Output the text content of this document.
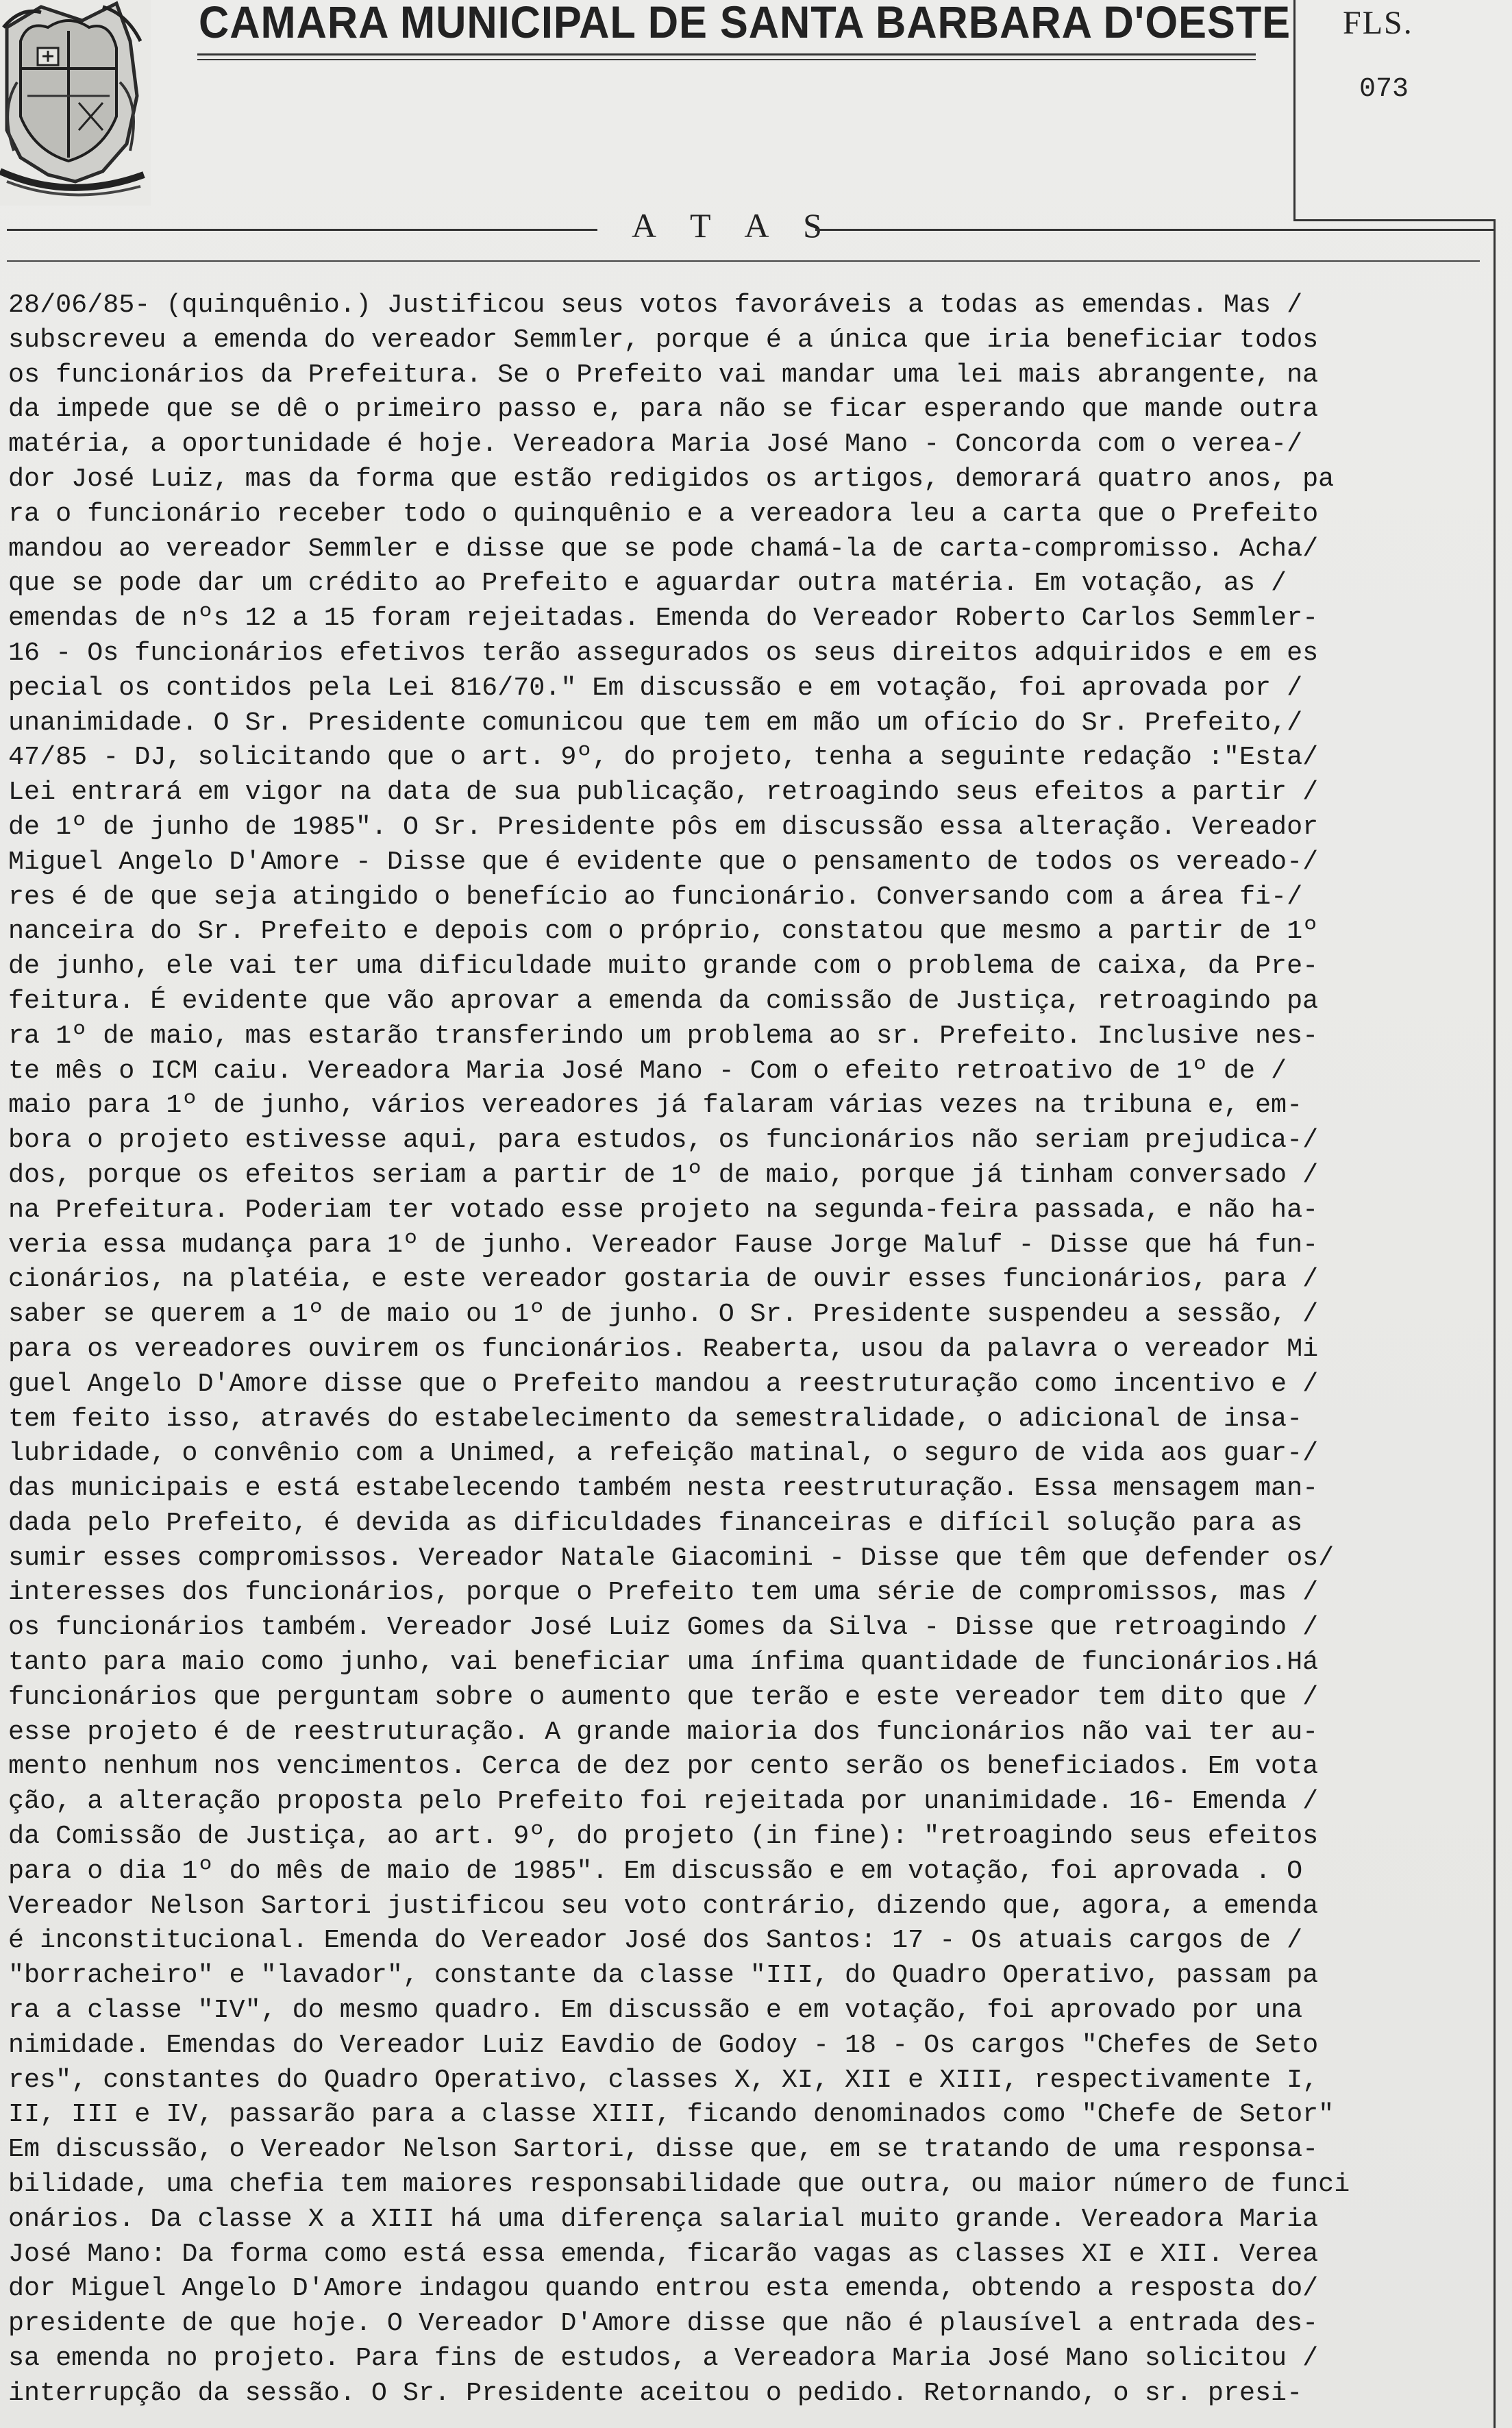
CAMARA MUNICIPAL DE SANTA BARBARA D'OESTE FLS.
073
A T A S
28/06/85- (quinquênio.) Justificou seus votos favoráveis a todas as emendas. Mas /
subscreveu a emenda do vereador Semmler, porque é a única que iria beneficiar todos
os funcionários da Prefeitura. Se o Prefeito vai mandar uma lei mais abrangente, na
da impede que se dê o primeiro passo e, para não se ficar esperando que mande outra
matéria, a oportunidade é hoje. Vereadora Maria José Mano - Concorda com o verea-/
dor José Luiz, mas da forma que estão redigidos os artigos, demorará quatro anos, pa
ra o funcionário receber todo o quinquênio e a vereadora leu a carta que o Prefeito
mandou ao vereador Semmler e disse que se pode chamá-la de carta-compromisso. Acha/
que se pode dar um crédito ao Prefeito e aguardar outra matéria. Em votação, as /
emendas de nºs 12 a 15 foram rejeitadas. Emenda do Vereador Roberto Carlos Semmler-
16 - Os funcionários efetivos terão assegurados os seus direitos adquiridos e em es
pecial os contidos pela Lei 816/70." Em discussão e em votação, foi aprovada por /
unanimidade. O Sr. Presidente comunicou que tem em mão um ofício do Sr. Prefeito,/
47/85 - DJ, solicitando que o art. 9º, do projeto, tenha a seguinte redação :"Esta/
Lei entrará em vigor na data de sua publicação, retroagindo seus efeitos a partir /
de 1º de junho de 1985". O Sr. Presidente pôs em discussão essa alteração. Vereador
Miguel Angelo D'Amore - Disse que é evidente que o pensamento de todos os vereado-/
res é de que seja atingido o benefício ao funcionário. Conversando com a área fi-/
nanceira do Sr. Prefeito e depois com o próprio, constatou que mesmo a partir de 1º
de junho, ele vai ter uma dificuldade muito grande com o problema de caixa, da Pre-
feitura. É evidente que vão aprovar a emenda da comissão de Justiça, retroagindo pa
ra 1º de maio, mas estarão transferindo um problema ao sr. Prefeito. Inclusive nes-
te mês o ICM caiu. Vereadora Maria José Mano - Com o efeito retroativo de 1º de /
maio para 1º de junho, vários vereadores já falaram várias vezes na tribuna e, em-
bora o projeto estivesse aqui, para estudos, os funcionários não seriam prejudica-/
dos, porque os efeitos seriam a partir de 1º de maio, porque já tinham conversado /
na Prefeitura. Poderiam ter votado esse projeto na segunda-feira passada, e não ha-
veria essa mudança para 1º de junho. Vereador Fause Jorge Maluf - Disse que há fun-
cionários, na platéia, e este vereador gostaria de ouvir esses funcionários, para /
saber se querem a 1º de maio ou 1º de junho. O Sr. Presidente suspendeu a sessão, /
para os vereadores ouvirem os funcionários. Reaberta, usou da palavra o vereador Mi
guel Angelo D'Amore disse que o Prefeito mandou a reestruturação como incentivo e /
tem feito isso, através do estabelecimento da semestralidade, o adicional de insa-
lubridade, o convênio com a Unimed, a refeição matinal, o seguro de vida aos guar-/
das municipais e está estabelecendo também nesta reestruturação. Essa mensagem man-
dada pelo Prefeito, é devida as dificuldades financeiras e difícil solução para as
sumir esses compromissos. Vereador Natale Giacomini - Disse que têm que defender os/
interesses dos funcionários, porque o Prefeito tem uma série de compromissos, mas /
os funcionários também. Vereador José Luiz Gomes da Silva - Disse que retroagindo /
tanto para maio como junho, vai beneficiar uma ínfima quantidade de funcionários.Há
funcionários que perguntam sobre o aumento que terão e este vereador tem dito que /
esse projeto é de reestruturação. A grande maioria dos funcionários não vai ter au-
mento nenhum nos vencimentos. Cerca de dez por cento serão os beneficiados. Em vota
ção, a alteração proposta pelo Prefeito foi rejeitada por unanimidade. 16- Emenda /
da Comissão de Justiça, ao art. 9º, do projeto (in fine): "retroagindo seus efeitos
para o dia 1º do mês de maio de 1985". Em discussão e em votação, foi aprovada . O
Vereador Nelson Sartori justificou seu voto contrário, dizendo que, agora, a emenda
é inconstitucional. Emenda do Vereador José dos Santos: 17 - Os atuais cargos de /
"borracheiro" e "lavador", constante da classe "III, do Quadro Operativo, passam pa
ra a classe "IV", do mesmo quadro. Em discussão e em votação, foi aprovado por una
nimidade. Emendas do Vereador Luiz Eavdio de Godoy - 18 - Os cargos "Chefes de Seto
res", constantes do Quadro Operativo, classes X, XI, XII e XIII, respectivamente I,
II, III e IV, passarão para a classe XIII, ficando denominados como "Chefe de Setor"
Em discussão, o Vereador Nelson Sartori, disse que, em se tratando de uma responsa-
bilidade, uma chefia tem maiores responsabilidade que outra, ou maior número de funci
onários. Da classe X a XIII há uma diferença salarial muito grande. Vereadora Maria
José Mano: Da forma como está essa emenda, ficarão vagas as classes XI e XII. Verea
dor Miguel Angelo D'Amore indagou quando entrou esta emenda, obtendo a resposta do/
presidente de que hoje. O Vereador D'Amore disse que não é plausível a entrada des-
sa emenda no projeto. Para fins de estudos, a Vereadora Maria José Mano solicitou /
interrupção da sessão. O Sr. Presidente aceitou o pedido. Retornando, o sr. presi-
